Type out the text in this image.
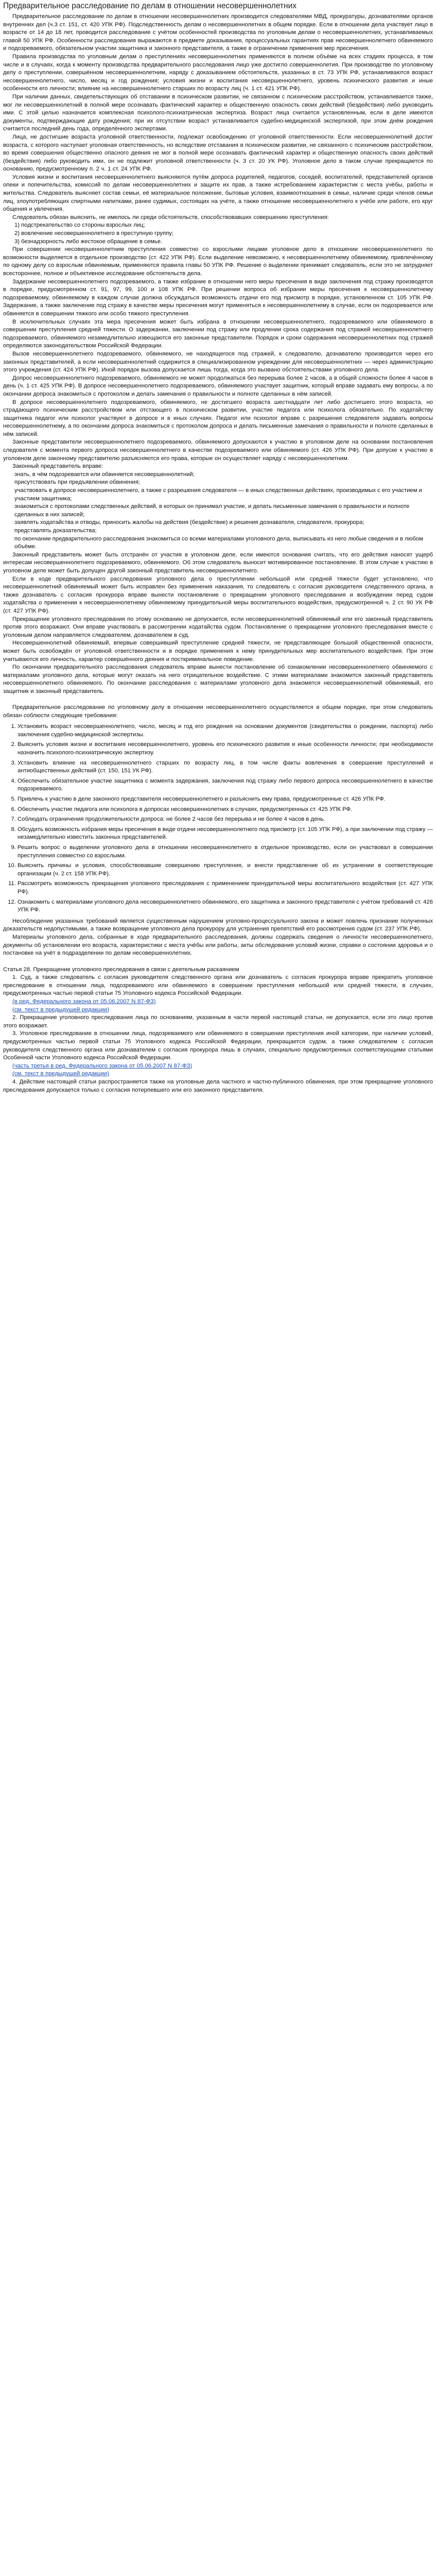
Предварительное расследование по делам в отношении несовершеннолетних

Предварительное расследование по делам в отношении несовершеннолетних производится следователями МВД, прокуратуры, дознавателями органов внутренних дел (ч.3 ст. 151, ст. 420 УПК РФ). Подследственность делам о несовершеннолетних в общем порядке. Если в отношении дела участвует лицо в возрасте от 14 до 18 лет, проводится расследование с учётом особенностей производства по уголовным делам о несовершеннолетних, устанавливаемых главой 50 УПК РФ. Особенности расследования выражаются в предмете доказывания, процессуальных гарантиях прав несовершеннолетнего обвиняемого и подозреваемого, обязательном участии защитника и законного представителя, а также в ограничении применения мер пресечения.

Правила производства по уголовным делам о преступлениях несовершеннолетних применяются в полном объёме на всех стадиях процесса, в том числе и в случаях, когда к моменту производства предварительного расследования лицо уже достигло совершеннолетия. При производстве по уголовному делу о преступлении, совершённом несовершеннолетним, наряду с доказыванием обстоятельств, указанных в ст. 73 УПК РФ, устанавливаются возраст несовершеннолетнего, число, месяц и год рождения; условия жизни и воспитания несовершеннолетнего, уровень психического развития и иные особенности его личности; влияние на несовершеннолетнего старших по возрасту лиц (ч. 1 ст. 421 УПК РФ).

При наличии данных, свидетельствующих об отставании в психическом развитии, не связанном с психическим расстройством, устанавливается также, мог ли несовершеннолетний в полной мере осознавать фактический характер и общественную опасность своих действий (бездействия) либо руководить ими. С этой целью назначается комплексная психолого-психиатрическая экспертиза. Возраст лица считается установленным, если в деле имеются документы, подтверждающие дату рождения; при их отсутствии возраст устанавливается судебно-медицинской экспертизой, при этом днём рождения считается последний день года, определённого экспертами.

Лица, не достигшие возраста уголовной ответственности, подлежат освобождению от уголовной ответственности. Если несовершеннолетний достиг возраста, с которого наступает уголовная ответственность, но вследствие отставания в психическом развитии, не связанного с психическим расстройством, во время совершения общественно опасного деяния не мог в полной мере осознавать фактический характер и общественную опасность своих действий (бездействия) либо руководить ими, он не подлежит уголовной ответственности (ч. 3 ст. 20 УК РФ). Уголовное дело в таком случае прекращается по основанию, предусмотренному п. 2 ч. 1 ст. 24 УПК РФ.

Условия жизни и воспитания несовершеннолетнего выясняются путём допроса родителей, педагогов, соседей, воспитателей, представителей органов опеки и попечительства, комиссий по делам несовершеннолетних и защите их прав, а также истребованием характеристик с места учёбы, работы и жительства. Следователь выясняет состав семьи, её материальное положение, бытовые условия, взаимоотношения в семье, наличие среди членов семьи лиц, злоупотребляющих спиртными напитками, ранее судимых, состоящих на учёте, а также отношение несовершеннолетнего к учёбе или работе, его круг общения и увлечения.

Следователь обязан выяснить, не имелось ли среди обстоятельств, способствовавших совершению преступления:

1) подстрекательство со стороны взрослых лиц;
2) вовлечение несовершеннолетнего в преступную группу;
3) безнадзорность либо жестокое обращение в семье.

При совершении несовершеннолетним преступления совместно со взрослыми лицами уголовное дело в отношении несовершеннолетнего по возможности выделяется в отдельное производство (ст. 422 УПК РФ). Если выделение невозможно, к несовершеннолетнему обвиняемому, привлечённому по одному делу со взрослым обвиняемым, применяются правила главы 50 УПК РФ. Решение о выделении принимает следователь, если это не затрудняет всестороннее, полное и объективное исследование обстоятельств дела.

Задержание несовершеннолетнего подозреваемого, а также избрание в отношении него меры пресечения в виде заключения под стражу производятся в порядке, предусмотренном ст. 91, 97, 99, 100 и 108 УПК РФ. При решении вопроса об избрании меры пресечения к несовершеннолетнему подозреваемому, обвиняемому в каждом случае должна обсуждаться возможность отдачи его под присмотр в порядке, установленном ст. 105 УПК РФ. Задержание, а также заключение под стражу в качестве меры пресечения могут применяться к несовершеннолетнему в случае, если он подозревается или обвиняется в совершении тяжкого или особо тяжкого преступления.

В исключительных случаях эта мера пресечения может быть избрана в отношении несовершеннолетнего, подозреваемого или обвиняемого в совершении преступления средней тяжести. О задержании, заключении под стражу или продлении срока содержания под стражей несовершеннолетнего подозреваемого, обвиняемого незамедлительно извещаются его законные представители. Порядок и сроки содержания несовершеннолетних под стражей определяются законодательством Российской Федерации.

Вызов несовершеннолетнего подозреваемого, обвиняемого, не находящегося под стражей, к следователю, дознавателю производится через его законных представителей, а если несовершеннолетний содержится в специализированном учреждении для несовершеннолетних — через администрацию этого учреждения (ст. 424 УПК РФ). Иной порядок вызова допускается лишь тогда, когда это вызвано обстоятельствами уголовного дела.

Допрос несовершеннолетнего подозреваемого, обвиняемого не может продолжаться без перерыва более 2 часов, а в общей сложности более 4 часов в день (ч. 1 ст. 425 УПК РФ). В допросе несовершеннолетнего подозреваемого, обвиняемого участвует защитник, который вправе задавать ему вопросы, а по окончании допроса знакомиться с протоколом и делать замечания о правильности и полноте сделанных в нём записей.

В допросе несовершеннолетнего подозреваемого, обвиняемого, не достигшего возраста шестнадцати лет либо достигшего этого возраста, но страдающего психическим расстройством или отстающего в психическом развитии, участие педагога или психолога обязательно. По ходатайству защитника педагог или психолог участвуют в допросе и в иных случаях. Педагог или психолог вправе с разрешения следователя задавать вопросы несовершеннолетнему, а по окончании допроса знакомиться с протоколом допроса и делать письменные замечания о правильности и полноте сделанных в нём записей.

Законные представители несовершеннолетнего подозреваемого, обвиняемого допускаются к участию в уголовном деле на основании постановления следователя с момента первого допроса несовершеннолетнего в качестве подозреваемого или обвиняемого (ст. 426 УПК РФ). При допуске к участию в уголовном деле законному представителю разъясняются его права, которые он осуществляет наряду с несовершеннолетним.

Законный представитель вправе:

знать, в чём подозревается или обвиняется несовершеннолетний;
присутствовать при предъявлении обвинения;
участвовать в допросе несовершеннолетнего, а также с разрешения следователя — в иных следственных действиях, производимых с его участием и участием защитника;
знакомиться с протоколами следственных действий, в которых он принимал участие, и делать письменные замечания о правильности и полноте сделанных в них записей;
заявлять ходатайства и отводы, приносить жалобы на действия (бездействие) и решения дознавателя, следователя, прокурора;
представлять доказательства;
по окончании предварительного расследования знакомиться со всеми материалами уголовного дела, выписывать из него любые сведения и в любом объёме.

Законный представитель может быть отстранён от участия в уголовном деле, если имеются основания считать, что его действия наносят ущерб интересам несовершеннолетнего подозреваемого, обвиняемого. Об этом следователь выносит мотивированное постановление. В этом случае к участию в уголовном деле может быть допущен другой законный представитель несовершеннолетнего.

Если в ходе предварительного расследования уголовного дела о преступлении небольшой или средней тяжести будет установлено, что несовершеннолетний обвиняемый может быть исправлен без применения наказания, то следователь с согласия руководителя следственного органа, а также дознаватель с согласия прокурора вправе вынести постановление о прекращении уголовного преследования и возбуждении перед судом ходатайства о применении к несовершеннолетнему обвиняемому принудительной меры воспитательного воздействия, предусмотренной ч. 2 ст. 90 УК РФ (ст. 427 УПК РФ).

Прекращение уголовного преследования по этому основанию не допускается, если несовершеннолетний обвиняемый или его законный представитель против этого возражают. Они вправе участвовать в рассмотрении ходатайства судом. Постановление о прекращении уголовного преследования вместе с уголовным делом направляется следователем, дознавателем в суд.

Несовершеннолетний обвиняемый, впервые совершивший преступление средней тяжести, не представляющее большой общественной опасности, может быть освобождён от уголовной ответственности и в порядке применения к нему принудительных мер воспитательного воздействия. При этом учитываются его личность, характер совершённого деяния и посткриминальное поведение.

По окончании предварительного расследования следователь вправе вынести постановление об ознакомлении несовершеннолетнего обвиняемого с материалами уголовного дела, которые могут оказать на него отрицательное воздействие. С этими материалами знакомится законный представитель несовершеннолетнего обвиняемого. По окончании расследования с материалами уголовного дела знакомятся несовершеннолетний обвиняемый, его защитник и законный представитель.

Предварительное расследование по уголовному делу в отношении несовершеннолетнего осуществляется в общем порядке, при этом следователь обязан соблюсти следующие требования:

1. Установить возраст несовершеннолетнего, число, месяц и год его рождения на основании документов (свидетельства о рождении, паспорта) либо заключения судебно-медицинской экспертизы.
2. Выяснить условия жизни и воспитания несовершеннолетнего, уровень его психического развития и иные особенности личности; при необходимости назначить психолого-психиатрическую экспертизу.
3. Установить влияние на несовершеннолетнего старших по возрасту лиц, в том числе факты вовлечения в совершение преступлений и антиобщественных действий (ст. 150, 151 УК РФ).
4. Обеспечить обязательное участие защитника с момента задержания, заключения под стражу либо первого допроса несовершеннолетнего в качестве подозреваемого.
5. Привлечь к участию в деле законного представителя несовершеннолетнего и разъяснить ему права, предусмотренные ст. 426 УПК РФ.
6. Обеспечить участие педагога или психолога в допросах несовершеннолетних в случаях, предусмотренных ст. 425 УПК РФ.
7. Соблюдать ограничения продолжительности допроса: не более 2 часов без перерыва и не более 4 часов в день.
8. Обсудить возможность избрания меры пресечения в виде отдачи несовершеннолетнего под присмотр (ст. 105 УПК РФ), а при заключении под стражу — незамедлительно известить законных представителей.
9. Решить вопрос о выделении уголовного дела в отношении несовершеннолетнего в отдельное производство, если он участвовал в совершении преступления совместно со взрослыми.
10. Выяснить причины и условия, способствовавшие совершению преступления, и внести представление об их устранении в соответствующие организации (ч. 2 ст. 158 УПК РФ).
11. Рассмотреть возможность прекращения уголовного преследования с применением принудительной меры воспитательного воздействия (ст. 427 УПК РФ).
12. Ознакомить с материалами уголовного дела несовершеннолетнего обвиняемого, его защитника и законного представителя с учётом требований ст. 426 УПК РФ.

Несоблюдение указанных требований является существенным нарушением уголовно-процессуального закона и может повлечь признание полученных доказательств недопустимыми, а также возвращение уголовного дела прокурору для устранения препятствий его рассмотрения судом (ст. 237 УПК РФ).

Материалы уголовного дела, собранные в ходе предварительного расследования, должны содержать сведения о личности несовершеннолетнего, документы об установлении его возраста, характеристики с места учёбы или работы, акты обследования условий жизни, справки о состоянии здоровья и о постановке на учёт в подразделении по делам несовершеннолетних.

Статья 28. Прекращение уголовного преследования в связи с деятельным раскаянием

1. Суд, а также следователь с согласия руководителя следственного органа или дознаватель с согласия прокурора вправе прекратить уголовное преследование в отношении лица, подозреваемого или обвиняемого в совершении преступления небольшой или средней тяжести, в случаях, предусмотренных частью первой статьи 75 Уголовного кодекса Российской Федерации.

(в ред. Федерального закона от 05.06.2007 N 87-ФЗ)

(см. текст в предыдущей редакции)

2. Прекращение уголовного преследования лица по основаниям, указанным в части первой настоящей статьи, не допускается, если это лицо против этого возражает.

3. Уголовное преследование в отношении лица, подозреваемого или обвиняемого в совершении преступления иной категории, при наличии условий, предусмотренных частью первой статьи 75 Уголовного кодекса Российской Федерации, прекращается судом, а также следователем с согласия руководителя следственного органа или дознавателем с согласия прокурора лишь в случаях, специально предусмотренных соответствующими статьями Особенной части Уголовного кодекса Российской Федерации.

(часть третья в ред. Федерального закона от 05.06.2007 N 87-ФЗ)

(см. текст в предыдущей редакции)

4. Действие настоящей статьи распространяется также на уголовные дела частного и частно-публичного обвинения, при этом прекращение уголовного преследования допускается только с согласия потерпевшего или его законного представителя.
